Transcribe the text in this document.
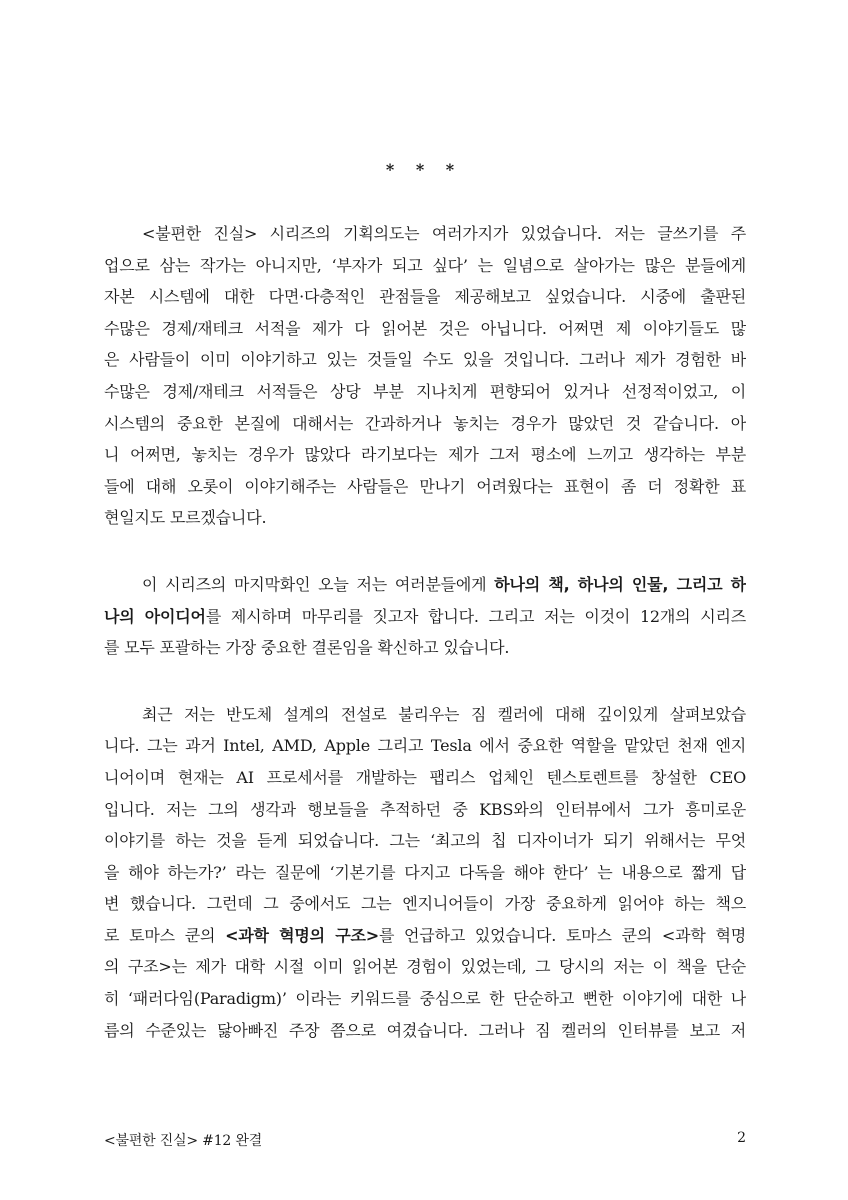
* * *

<불편한 진실> 시리즈의 기획의도는 여러가지가 있었습니다. 저는 글쓰기를 주
업으로 삼는 작가는 아니지만, ‘부자가 되고 싶다’ 는 일념으로 살아가는 많은 분들에게
자본 시스템에 대한 다면·다층적인 관점들을 제공해보고 싶었습니다. 시중에 출판된
수많은 경제/재테크 서적을 제가 다 읽어본 것은 아닙니다. 어쩌면 제 이야기들도 많
은 사람들이 이미 이야기하고 있는 것들일 수도 있을 것입니다. 그러나 제가 경험한 바
수많은 경제/재테크 서적들은 상당 부분 지나치게 편향되어 있거나 선정적이었고, 이
시스템의 중요한 본질에 대해서는 간과하거나 놓치는 경우가 많았던 것 같습니다. 아
니 어쩌면, 놓치는 경우가 많았다 라기보다는 제가 그저 평소에 느끼고 생각하는 부분
들에 대해 오롯이 이야기해주는 사람들은 만나기 어려웠다는 표현이 좀 더 정확한 표
현일지도 모르겠습니다.

이 시리즈의 마지막화인 오늘 저는 여러분들에게 하나의 책, 하나의 인물, 그리고 하
나의 아이디어를 제시하며 마무리를 짓고자 합니다. 그리고 저는 이것이 12개의 시리즈
를 모두 포괄하는 가장 중요한 결론임을 확신하고 있습니다.

최근 저는 반도체 설계의 전설로 불리우는 짐 켈러에 대해 깊이있게 살펴보았습
니다. 그는 과거 Intel, AMD, Apple 그리고 Tesla 에서 중요한 역할을 맡았던 천재 엔지
니어이며 현재는 AI 프로세서를 개발하는 팹리스 업체인 텐스토렌트를 창설한 CEO
입니다. 저는 그의 생각과 행보들을 추적하던 중 KBS와의 인터뷰에서 그가 흥미로운
이야기를 하는 것을 듣게 되었습니다. 그는 ‘최고의 칩 디자이너가 되기 위해서는 무엇
을 해야 하는가?’ 라는 질문에 ‘기본기를 다지고 다독을 해야 한다’ 는 내용으로 짧게 답
변 했습니다. 그런데 그 중에서도 그는 엔지니어들이 가장 중요하게 읽어야 하는 책으
로 토마스 쿤의 <과학 혁명의 구조>를 언급하고 있었습니다. 토마스 쿤의 <과학 혁명
의 구조>는 제가 대학 시절 이미 읽어본 경험이 있었는데, 그 당시의 저는 이 책을 단순
히 ‘패러다임(Paradigm)’ 이라는 키워드를 중심으로 한 단순하고 뻔한 이야기에 대한 나
름의 수준있는 닳아빠진 주장 쯤으로 여겼습니다. 그러나 짐 켈러의 인터뷰를 보고 저

<불편한 진실> #12 완결	2
